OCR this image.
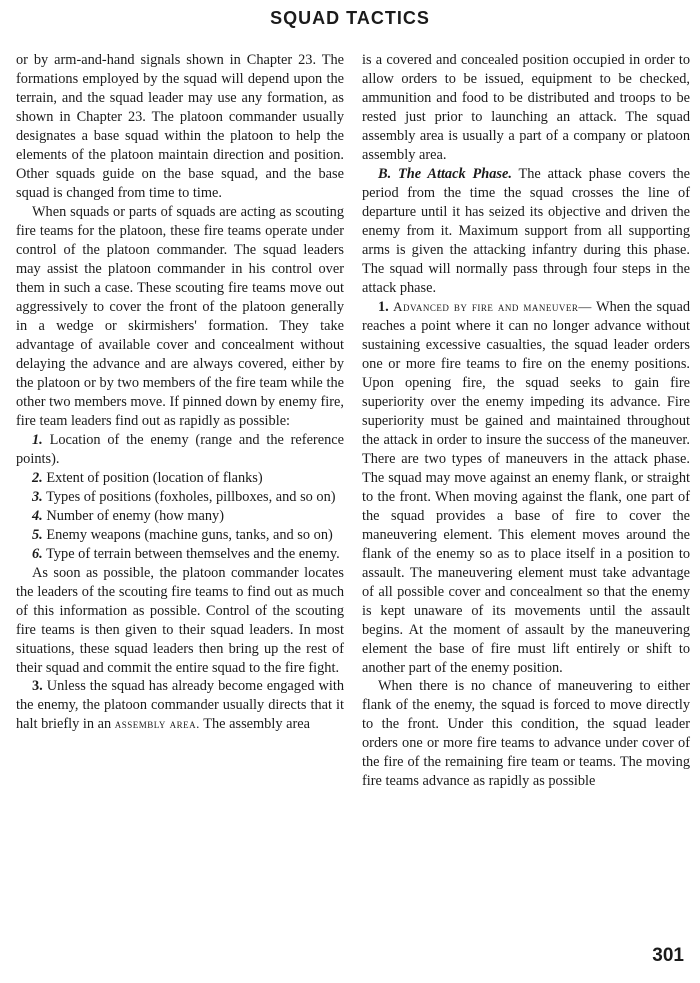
SQUAD TACTICS

or by arm-and-hand signals shown in Chapter 23. The formations employed by the squad will depend upon the terrain, and the squad leader may use any formation, as shown in Chapter 23. The platoon commander usually designates a base squad within the platoon to help the elements of the platoon maintain direction and position. Other squads guide on the base squad, and the base squad is changed from time to time.

When squads or parts of squads are acting as scouting fire teams for the platoon, these fire teams operate under control of the platoon commander. The squad leaders may assist the platoon commander in his control over them in such a case. These scouting fire teams move out aggressively to cover the front of the platoon generally in a wedge or skirmishers' formation. They take advantage of available cover and concealment without delaying the advance and are always covered, either by the platoon or by two members of the fire team while the other two members move. If pinned down by enemy fire, fire team leaders find out as rapidly as possible:

1. Location of the enemy (range and the reference points).

2. Extent of position (location of flanks)

3. Types of positions (foxholes, pillboxes, and so on)

4. Number of enemy (how many)

5. Enemy weapons (machine guns, tanks, and so on)

6. Type of terrain between themselves and the enemy.

As soon as possible, the platoon commander locates the leaders of the scouting fire teams to find out as much of this information as possible. Control of the scouting fire teams is then given to their squad leaders. In most situations, these squad leaders then bring up the rest of their squad and commit the entire squad to the fire fight.

3. Unless the squad has already become engaged with the enemy, the platoon commander usually directs that it halt briefly in an assembly area. The assembly area

is a covered and concealed position occupied in order to allow orders to be issued, equipment to be checked, ammunition and food to be distributed and troops to be rested just prior to launching an attack. The squad assembly area is usually a part of a company or platoon assembly area.

B. The Attack Phase. The attack phase covers the period from the time the squad crosses the line of departure until it has seized its objective and driven the enemy from it. Maximum support from all supporting arms is given the attacking infantry during this phase. The squad will normally pass through four steps in the attack phase.

1. Advanced by fire and maneuver— When the squad reaches a point where it can no longer advance without sustaining excessive casualties, the squad leader orders one or more fire teams to fire on the enemy positions. Upon opening fire, the squad seeks to gain fire superiority over the enemy impeding its advance. Fire superiority must be gained and maintained throughout the attack in order to insure the success of the maneuver. There are two types of maneuvers in the attack phase. The squad may move against an enemy flank, or straight to the front. When moving against the flank, one part of the squad provides a base of fire to cover the maneuvering element. This element moves around the flank of the enemy so as to place itself in a position to assault. The maneuvering element must take advantage of all possible cover and concealment so that the enemy is kept unaware of its movements until the assault begins. At the moment of assault by the maneuvering element the base of fire must lift entirely or shift to another part of the enemy position.

When there is no chance of maneuvering to either flank of the enemy, the squad is forced to move directly to the front. Under this condition, the squad leader orders one or more fire teams to advance under cover of the fire of the remaining fire team or teams. The moving fire teams advance as rapidly as possible

301
